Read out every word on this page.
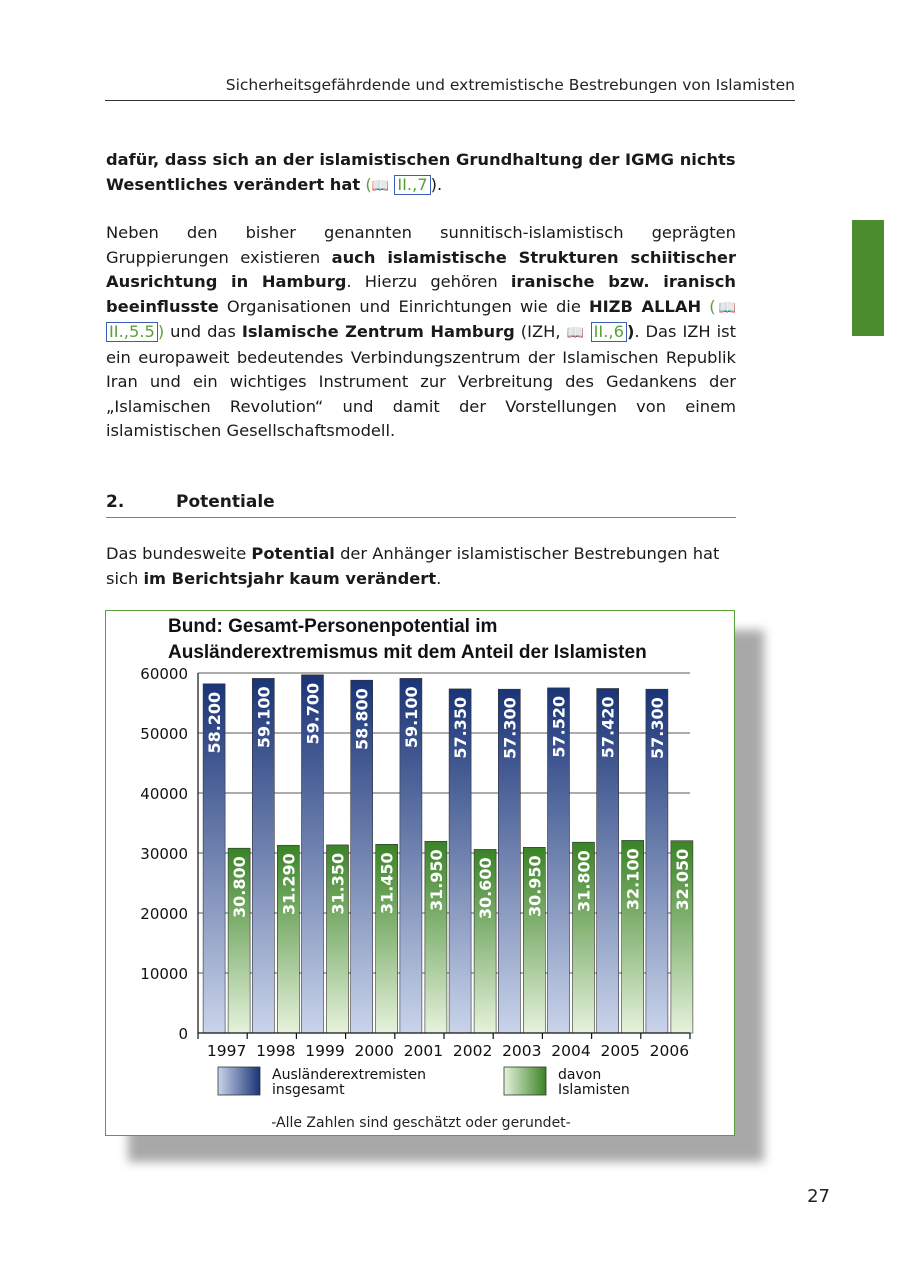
Sicherheitsgefährdende und extremistische Bestrebungen von Islamisten
dafür, dass sich an der islamistischen Grundhaltung der IGMG nichts
Wesentliches verändert hat (📖 II.,7 ).
Neben den bisher genannten sunnitisch-islamistisch geprägten Gruppierungen existieren auch islamistische Strukturen schiitischer Ausrichtung in Hamburg. Hierzu gehören iranische bzw. iranisch beeinflusste Organisationen und Einrichtungen wie die HIZB ALLAH (📖 II.,5.5 ) und das Islamische Zentrum Hamburg (IZH, 📖 II.,6 ). Das IZH ist ein europaweit bedeutendes Verbindungszentrum der Islamischen Republik Iran und ein wichtiges Instrument zur Verbreitung des Gedankens der „Islamischen Revolution“ und damit der Vorstellungen von einem islamistischen Gesellschaftsmodell.
2.	Potentiale
Das bundesweite Potential der Anhänger islamistischer Bestrebungen hat sich im Berichtsjahr kaum verändert.
Bund: Gesamt-Personenpotential im
Ausländerextremismus mit dem Anteil der Islamisten
58.200
30.800
59.100
31.290
59.700
31.350
58.800
31.450
59.100
31.950
57.350
30.600
57.300
30.950
57.520
31.800
57.420
32.100
57.300
32.050
0
10000
20000
30000
40000
50000
60000
1997 1998 1999 2000 2001 2002 2003 2004 2005 2006
Ausländerextremisten
insgesamt
davon
Islamisten
-Alle Zahlen sind geschätzt oder gerundet-
27
